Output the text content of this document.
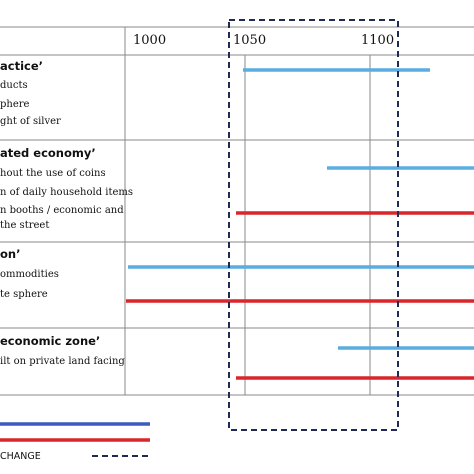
1000	1050	1100
actice’
ducts
phere
ght of silver
ated economy’
hout the use of coins
n of daily household items
n booths / economic and
the street
on’
ommodities
te sphere
economic zone’
ilt on private land facing
CHANGE
